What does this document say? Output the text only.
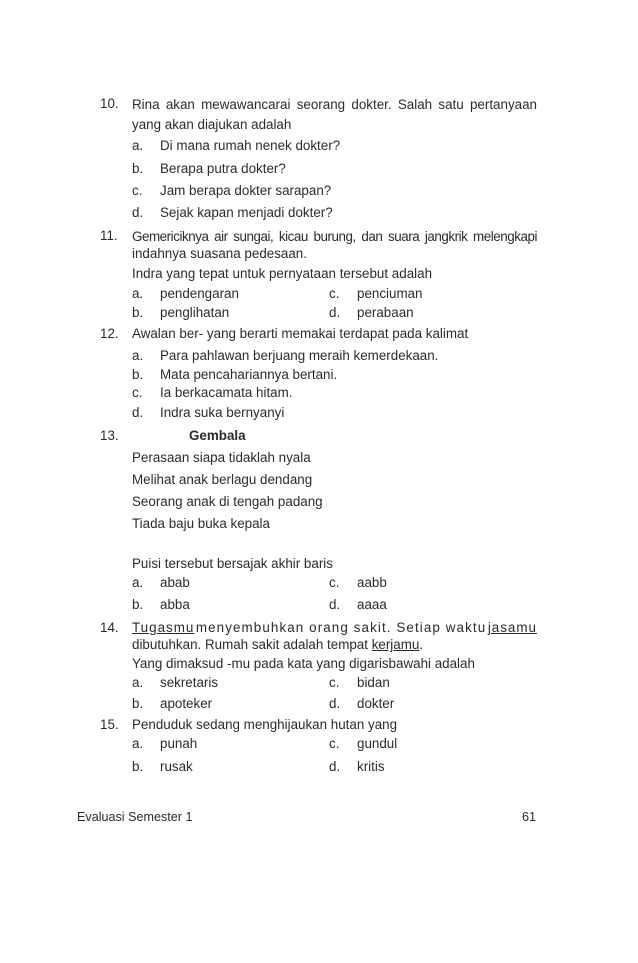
10. Rina akan mewawancarai seorang dokter. Salah satu pertanyaan
yang akan diajukan adalah
a. Di mana rumah nenek dokter?
b. Berapa putra dokter?
c. Jam berapa dokter sarapan?
d. Sejak kapan menjadi dokter?
11. Gemericiknya air sungai, kicau burung, dan suara jangkrik melengkapi
indahnya suasana pedesaan.
Indra yang tepat untuk pernyataan tersebut adalah
a. pendengaran
b. penglihatan
c. penciuman
d. perabaan
12. Awalan ber- yang berarti memakai terdapat pada kalimat
a. Para pahlawan berjuang meraih kemerdekaan.
b. Mata pencahariannya bertani.
c. Ia berkacamata hitam.
d. Indra suka bernyanyi
13.	Gembala
Perasaan siapa tidaklah nyala
Melihat anak berlagu dendang
Seorang anak di tengah padang
Tiada baju buka kepala
Puisi tersebut bersajak akhir baris
a. abab
b. abba
c. aabb
d. aaaa
14. Tugasmu menyembuhkan orang sakit. Setiap waktu jasamu
dibutuhkan. Rumah sakit adalah tempat kerjamu.
Yang dimaksud -mu pada kata yang digarisbawahi adalah
a. sekretaris
b. apoteker
c. bidan
d. dokter
15. Penduduk sedang menghijaukan hutan yang
a. punah
b. rusak
c. gundul
d. kritis
Evaluasi Semester 1	61
